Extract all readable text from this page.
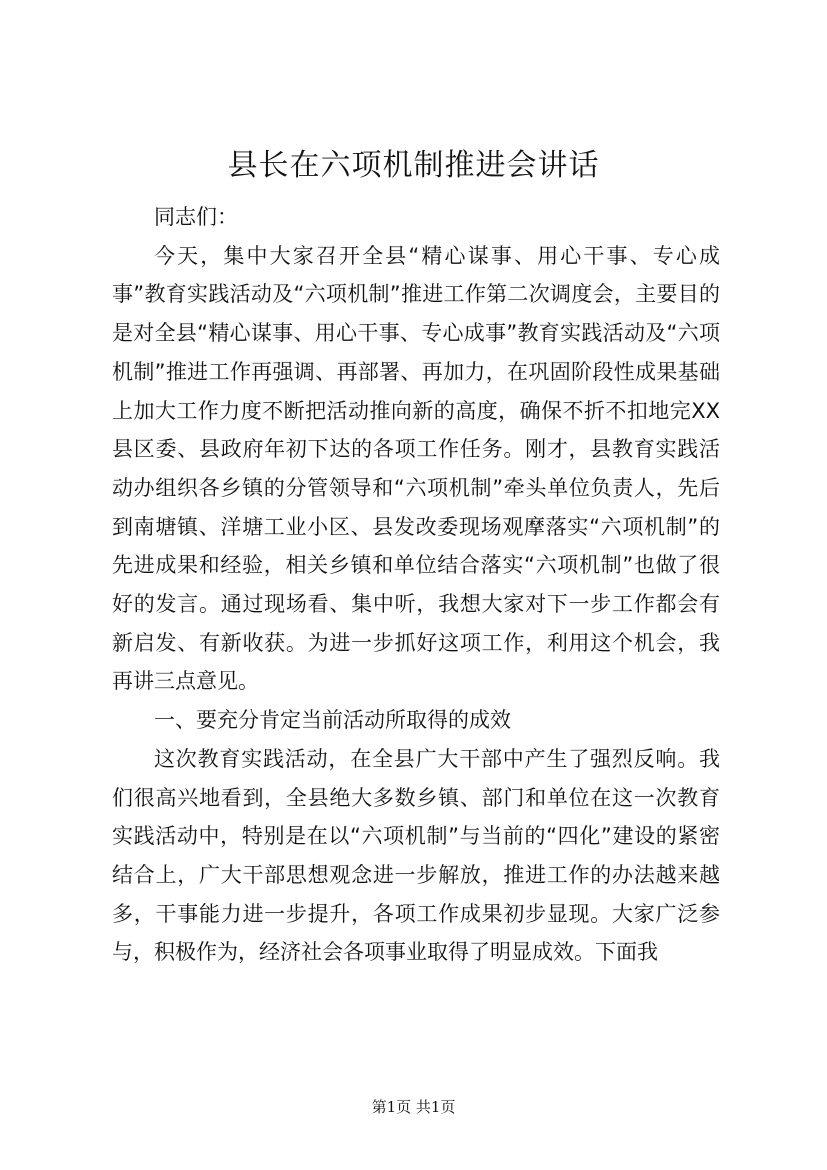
县长在六项机制推进会讲话

同志们：

今天，集中大家召开全县“精心谋事、用心干事、专心成事”教育实践活动及“六项机制”推进工作第二次调度会，主要目的是对全县“精心谋事、用心干事、专心成事”教育实践活动及“六项机制”推进工作再强调、再部署、再加力，在巩固阶段性成果基础上加大工作力度不断把活动推向新的高度，确保不折不扣地完XX县区委、县政府年初下达的各项工作任务。刚才，县教育实践活动办组织各乡镇的分管领导和“六项机制”牵头单位负责人，先后到南塘镇、洋塘工业小区、县发改委现场观摩落实“六项机制”的先进成果和经验，相关乡镇和单位结合落实“六项机制”也做了很好的发言。通过现场看、集中听，我想大家对下一步工作都会有新启发、有新收获。为进一步抓好这项工作，利用这个机会，我再讲三点意见。

一、要充分肯定当前活动所取得的成效

这次教育实践活动，在全县广大干部中产生了强烈反响。我们很高兴地看到，全县绝大多数乡镇、部门和单位在这一次教育实践活动中，特别是在以“六项机制”与当前的“四化”建设的紧密结合上，广大干部思想观念进一步解放，推进工作的办法越来越多，干事能力进一步提升，各项工作成果初步显现。大家广泛参与，积极作为，经济社会各项事业取得了明显成效。下面我

第1页 共1页
